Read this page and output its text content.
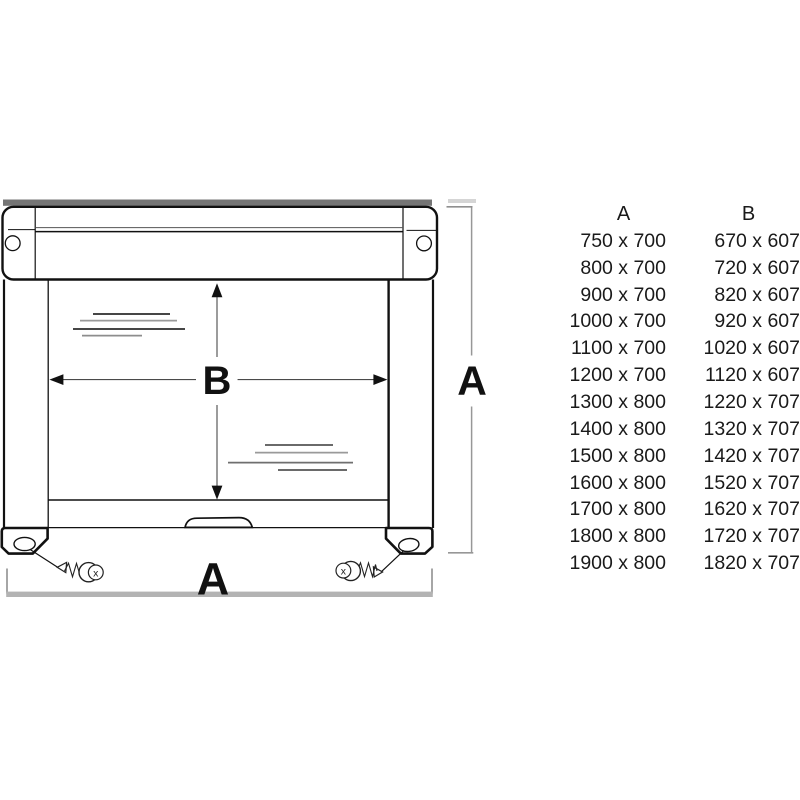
x	x
B	A
A
A	B
750 x 700	670 x 607
800 x 700	720 x 607
900 x 700	820 x 607
1000 x 700	920 x 607
1100 x 700	1020 x 607
1200 x 700	1120 x 607
1300 x 800	1220 x 707
1400 x 800	1320 x 707
1500 x 800	1420 x 707
1600 x 800	1520 x 707
1700 x 800	1620 x 707
1800 x 800	1720 x 707
1900 x 800	1820 x 707
